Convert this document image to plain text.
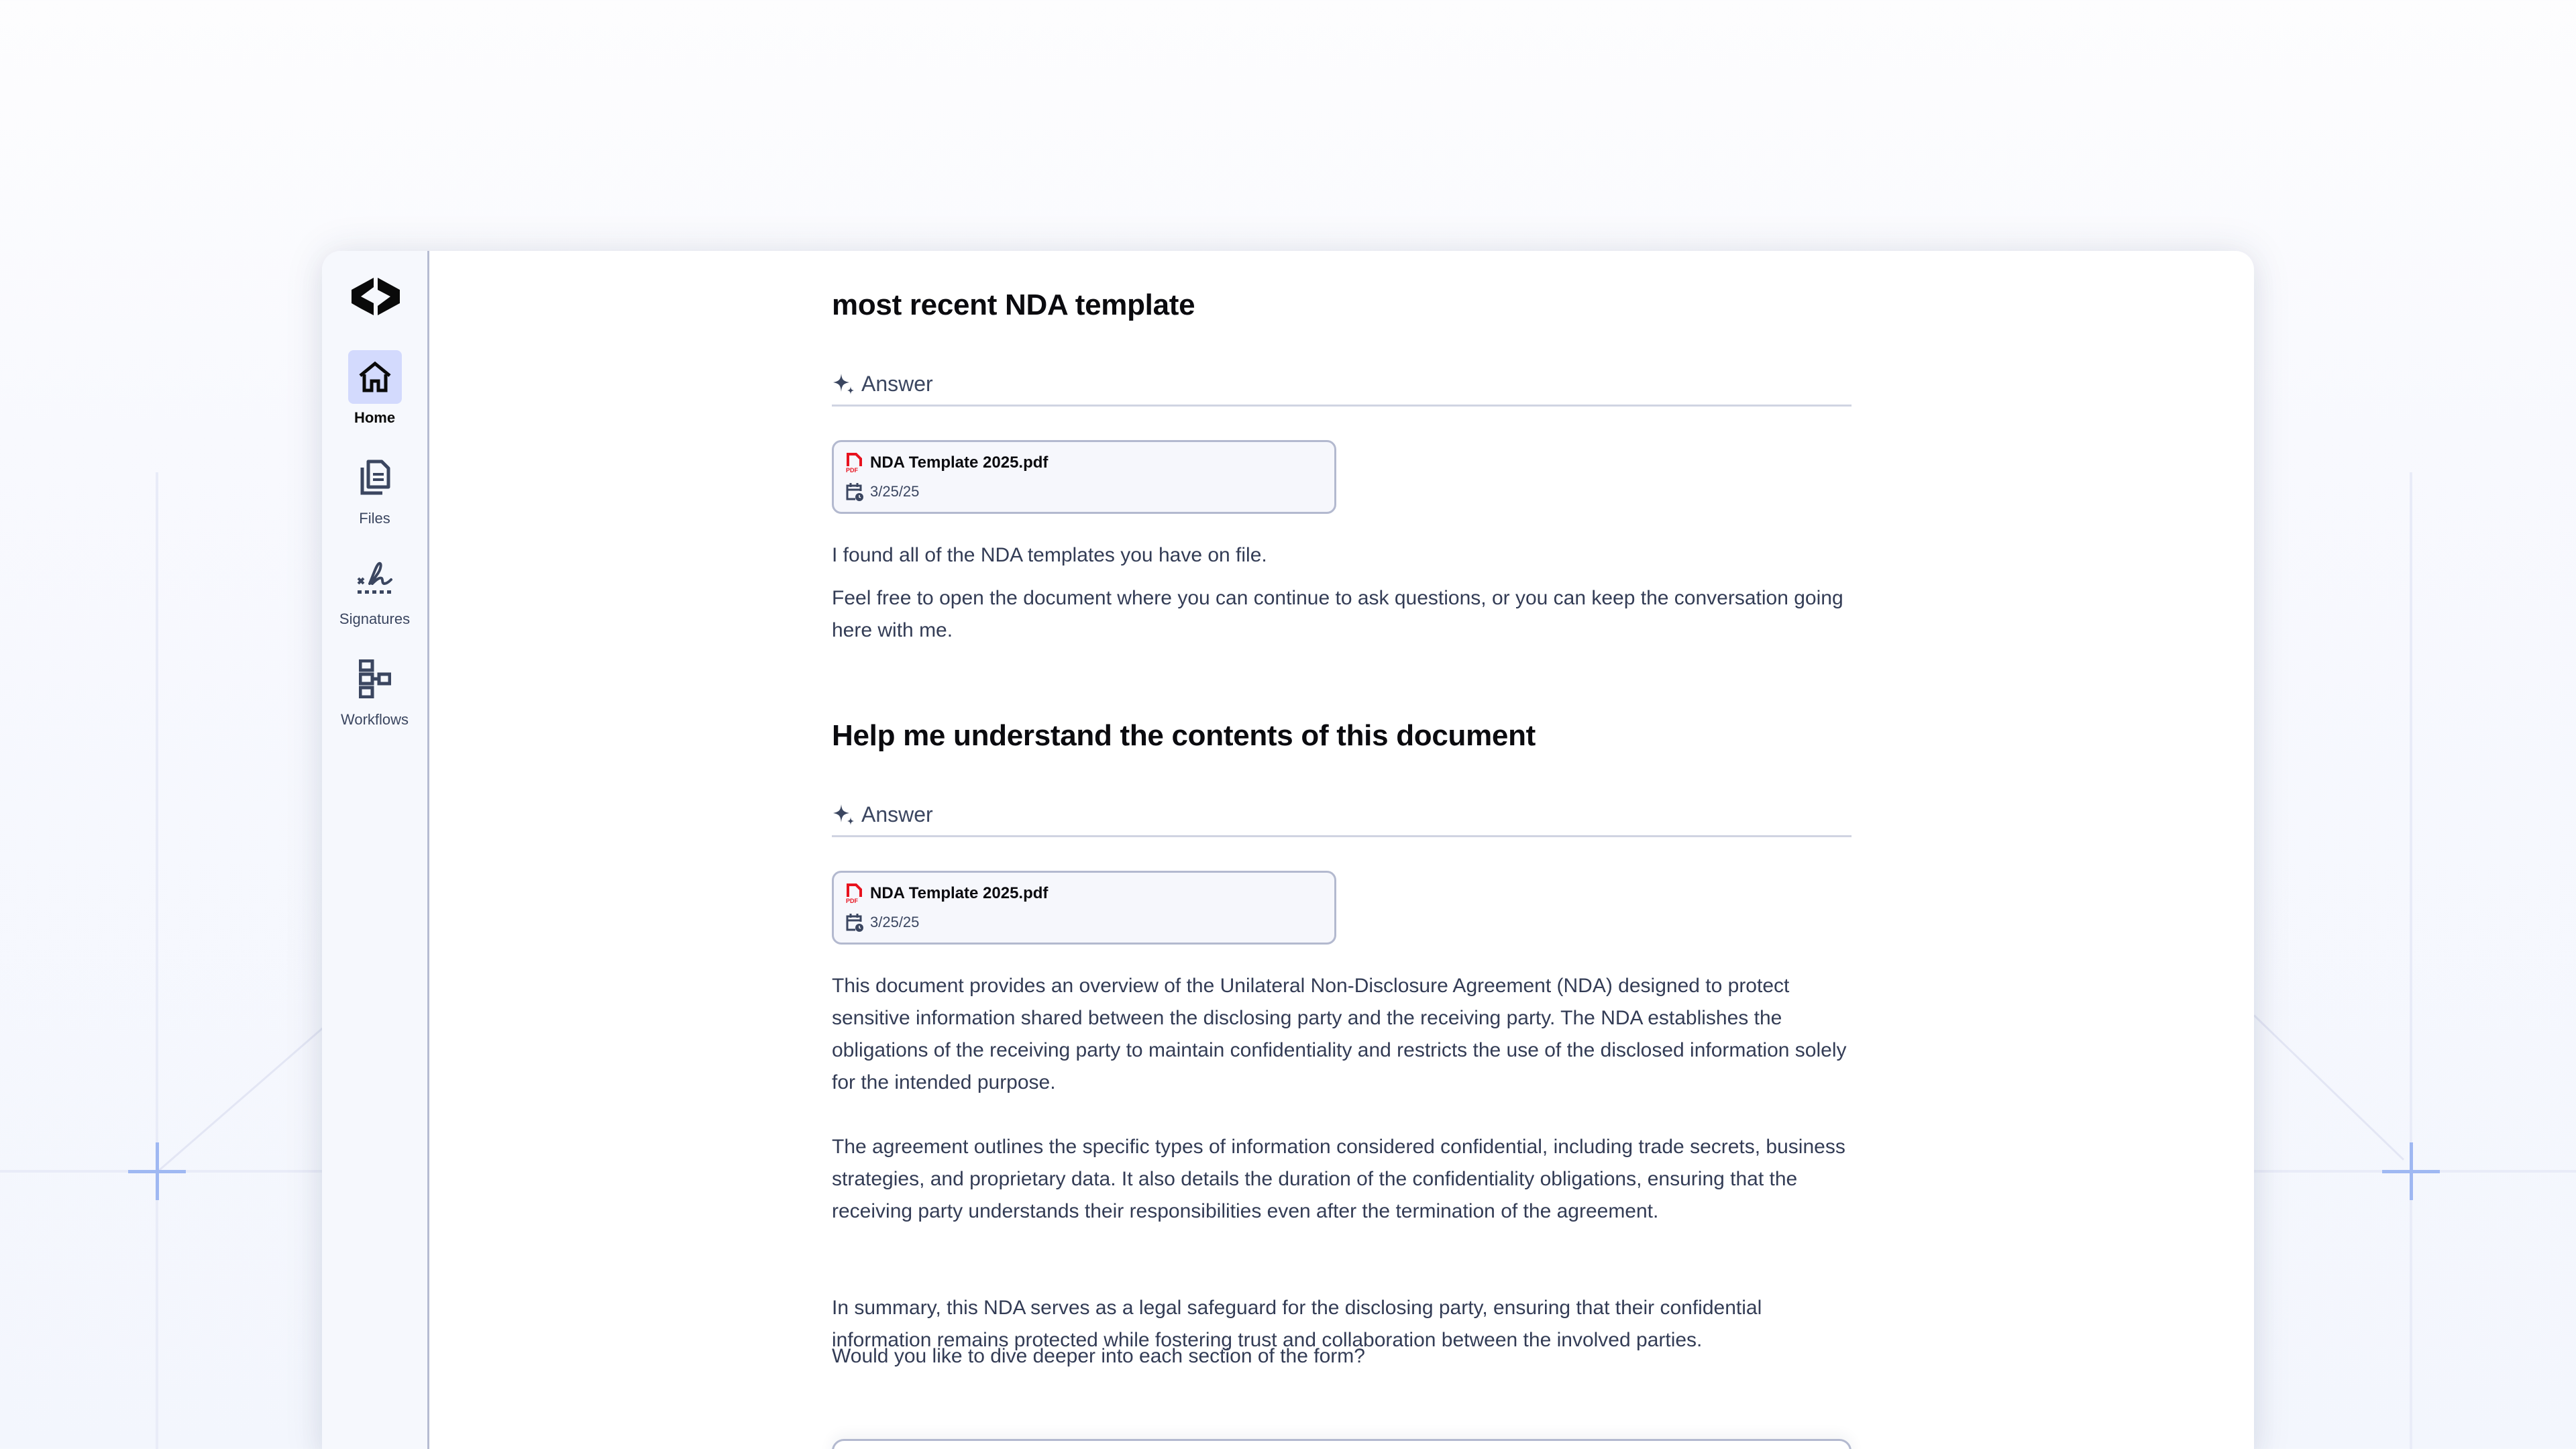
Home
Files
Signatures
Workflows
most recent NDA template
Answer
PDF NDA Template 2025.pdf
3/25/25

I found all of the NDA templates you have on file.

Feel free to open the document where you can continue to ask questions, or you can keep the conversation going here with me.

Help me understand the contents of this document
Answer
PDF NDA Template 2025.pdf
3/25/25

This document provides an overview of the Unilateral Non-Disclosure Agreement (NDA) designed to protect sensitive information shared between the disclosing party and the receiving party. The NDA establishes the obligations of the receiving party to maintain confidentiality and restricts the use of the disclosed information solely for the intended purpose.

The agreement outlines the specific types of information considered confidential, including trade secrets, business strategies, and proprietary data. It also details the duration of the confidentiality obligations, ensuring that the receiving party understands their responsibilities even after the termination of the agreement.

In summary, this NDA serves as a legal safeguard for the disclosing party, ensuring that their confidential information remains protected while fostering trust and collaboration between the involved parties.

Would you like to dive deeper into each section of the form?
